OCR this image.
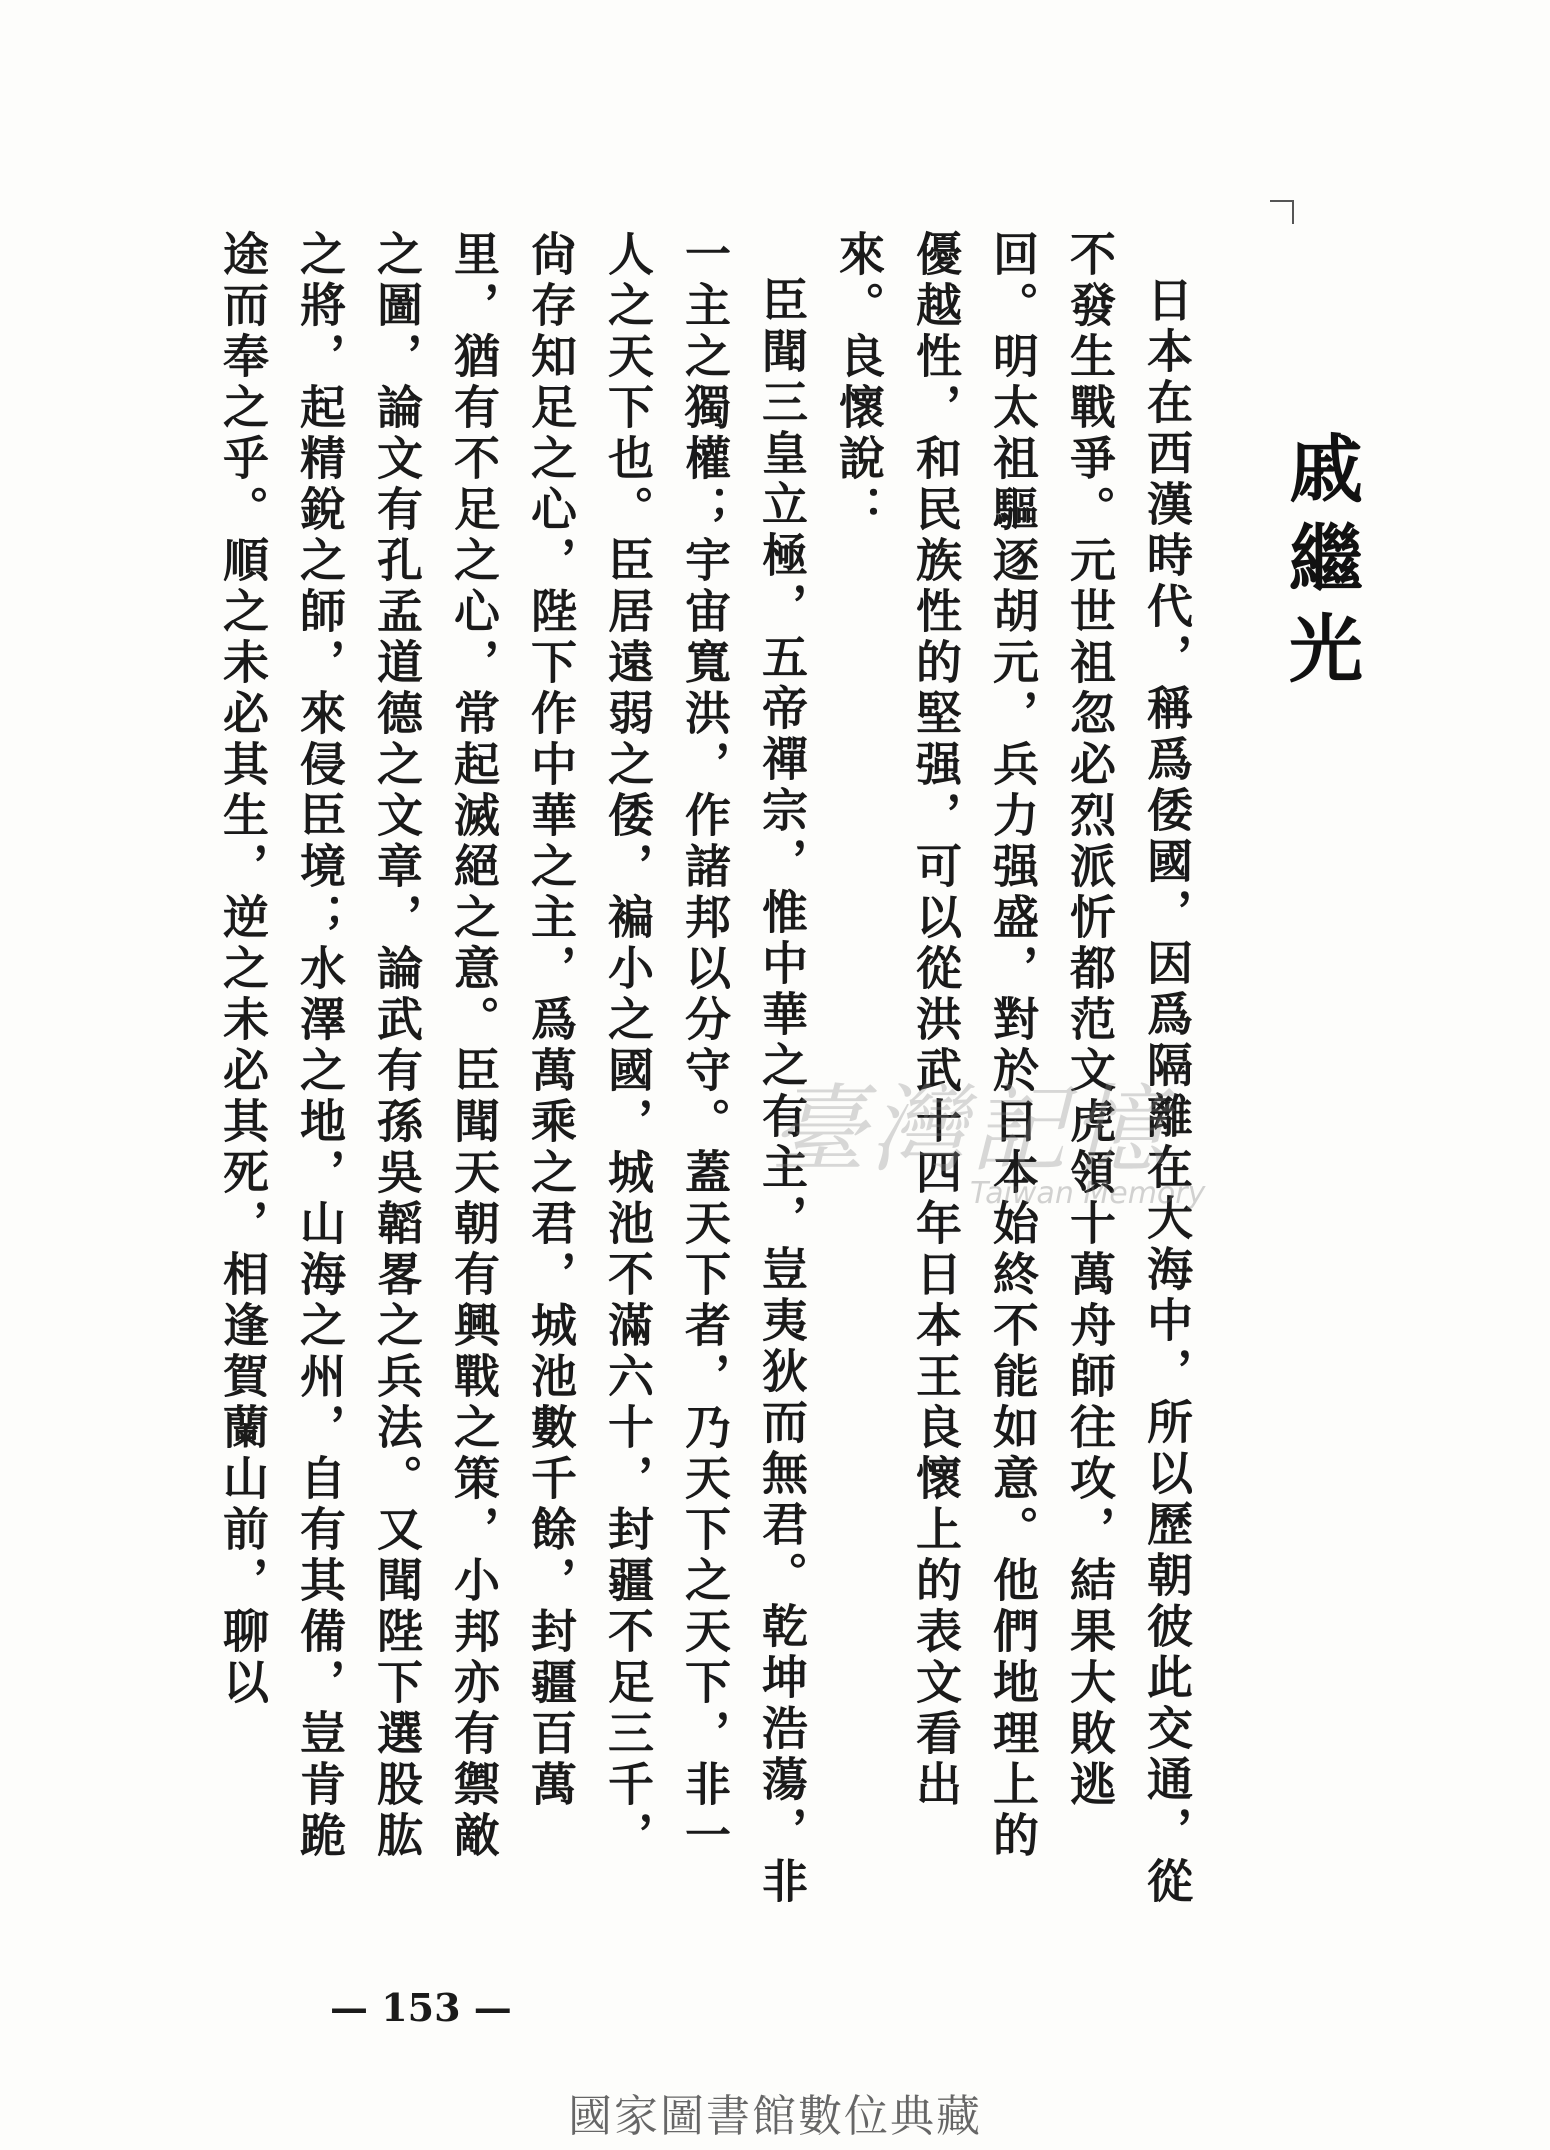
戚繼光

日本在西漢時代，稱爲倭國，因爲隔離在大海中，所以歷朝彼此交通，從不發生戰爭。元世祖忽必烈派忻都范文虎領十萬舟師往攻，結果大敗逃回。明太祖驅逐胡元，兵力强盛，對於日本始終不能如意。他們地理上的優越性，和民族性的堅强，可以從洪武十四年日本王良懷上的表文看出來。良懷說：

臣聞三皇立極，五帝禪宗，惟中華之有主，豈夷狄而無君。乾坤浩蕩，非一主之獨權；宇宙寬洪，作諸邦以分守。蓋天下者，乃天下之天下，非一人之天下也。臣居遠弱之倭，褊小之國，城池不滿六十，封疆不足三千，尙存知足之心，陛下作中華之主，爲萬乘之君，城池數千餘，封疆百萬里，猶有不足之心，常起滅絕之意。臣聞天朝有興戰之策，小邦亦有禦敵之圖，論文有孔孟道德之文章，論武有孫吳韜畧之兵法。又聞陛下選股肱之將，起精銳之師，來侵臣境；水澤之地，山海之州，自有其備，豈肯跪途而奉之乎。順之未必其生，逆之未必其死，相逢賀蘭山前，聊以	臺灣記憶
Taiwan Memory
— 153 —
國家圖書館數位典藏
